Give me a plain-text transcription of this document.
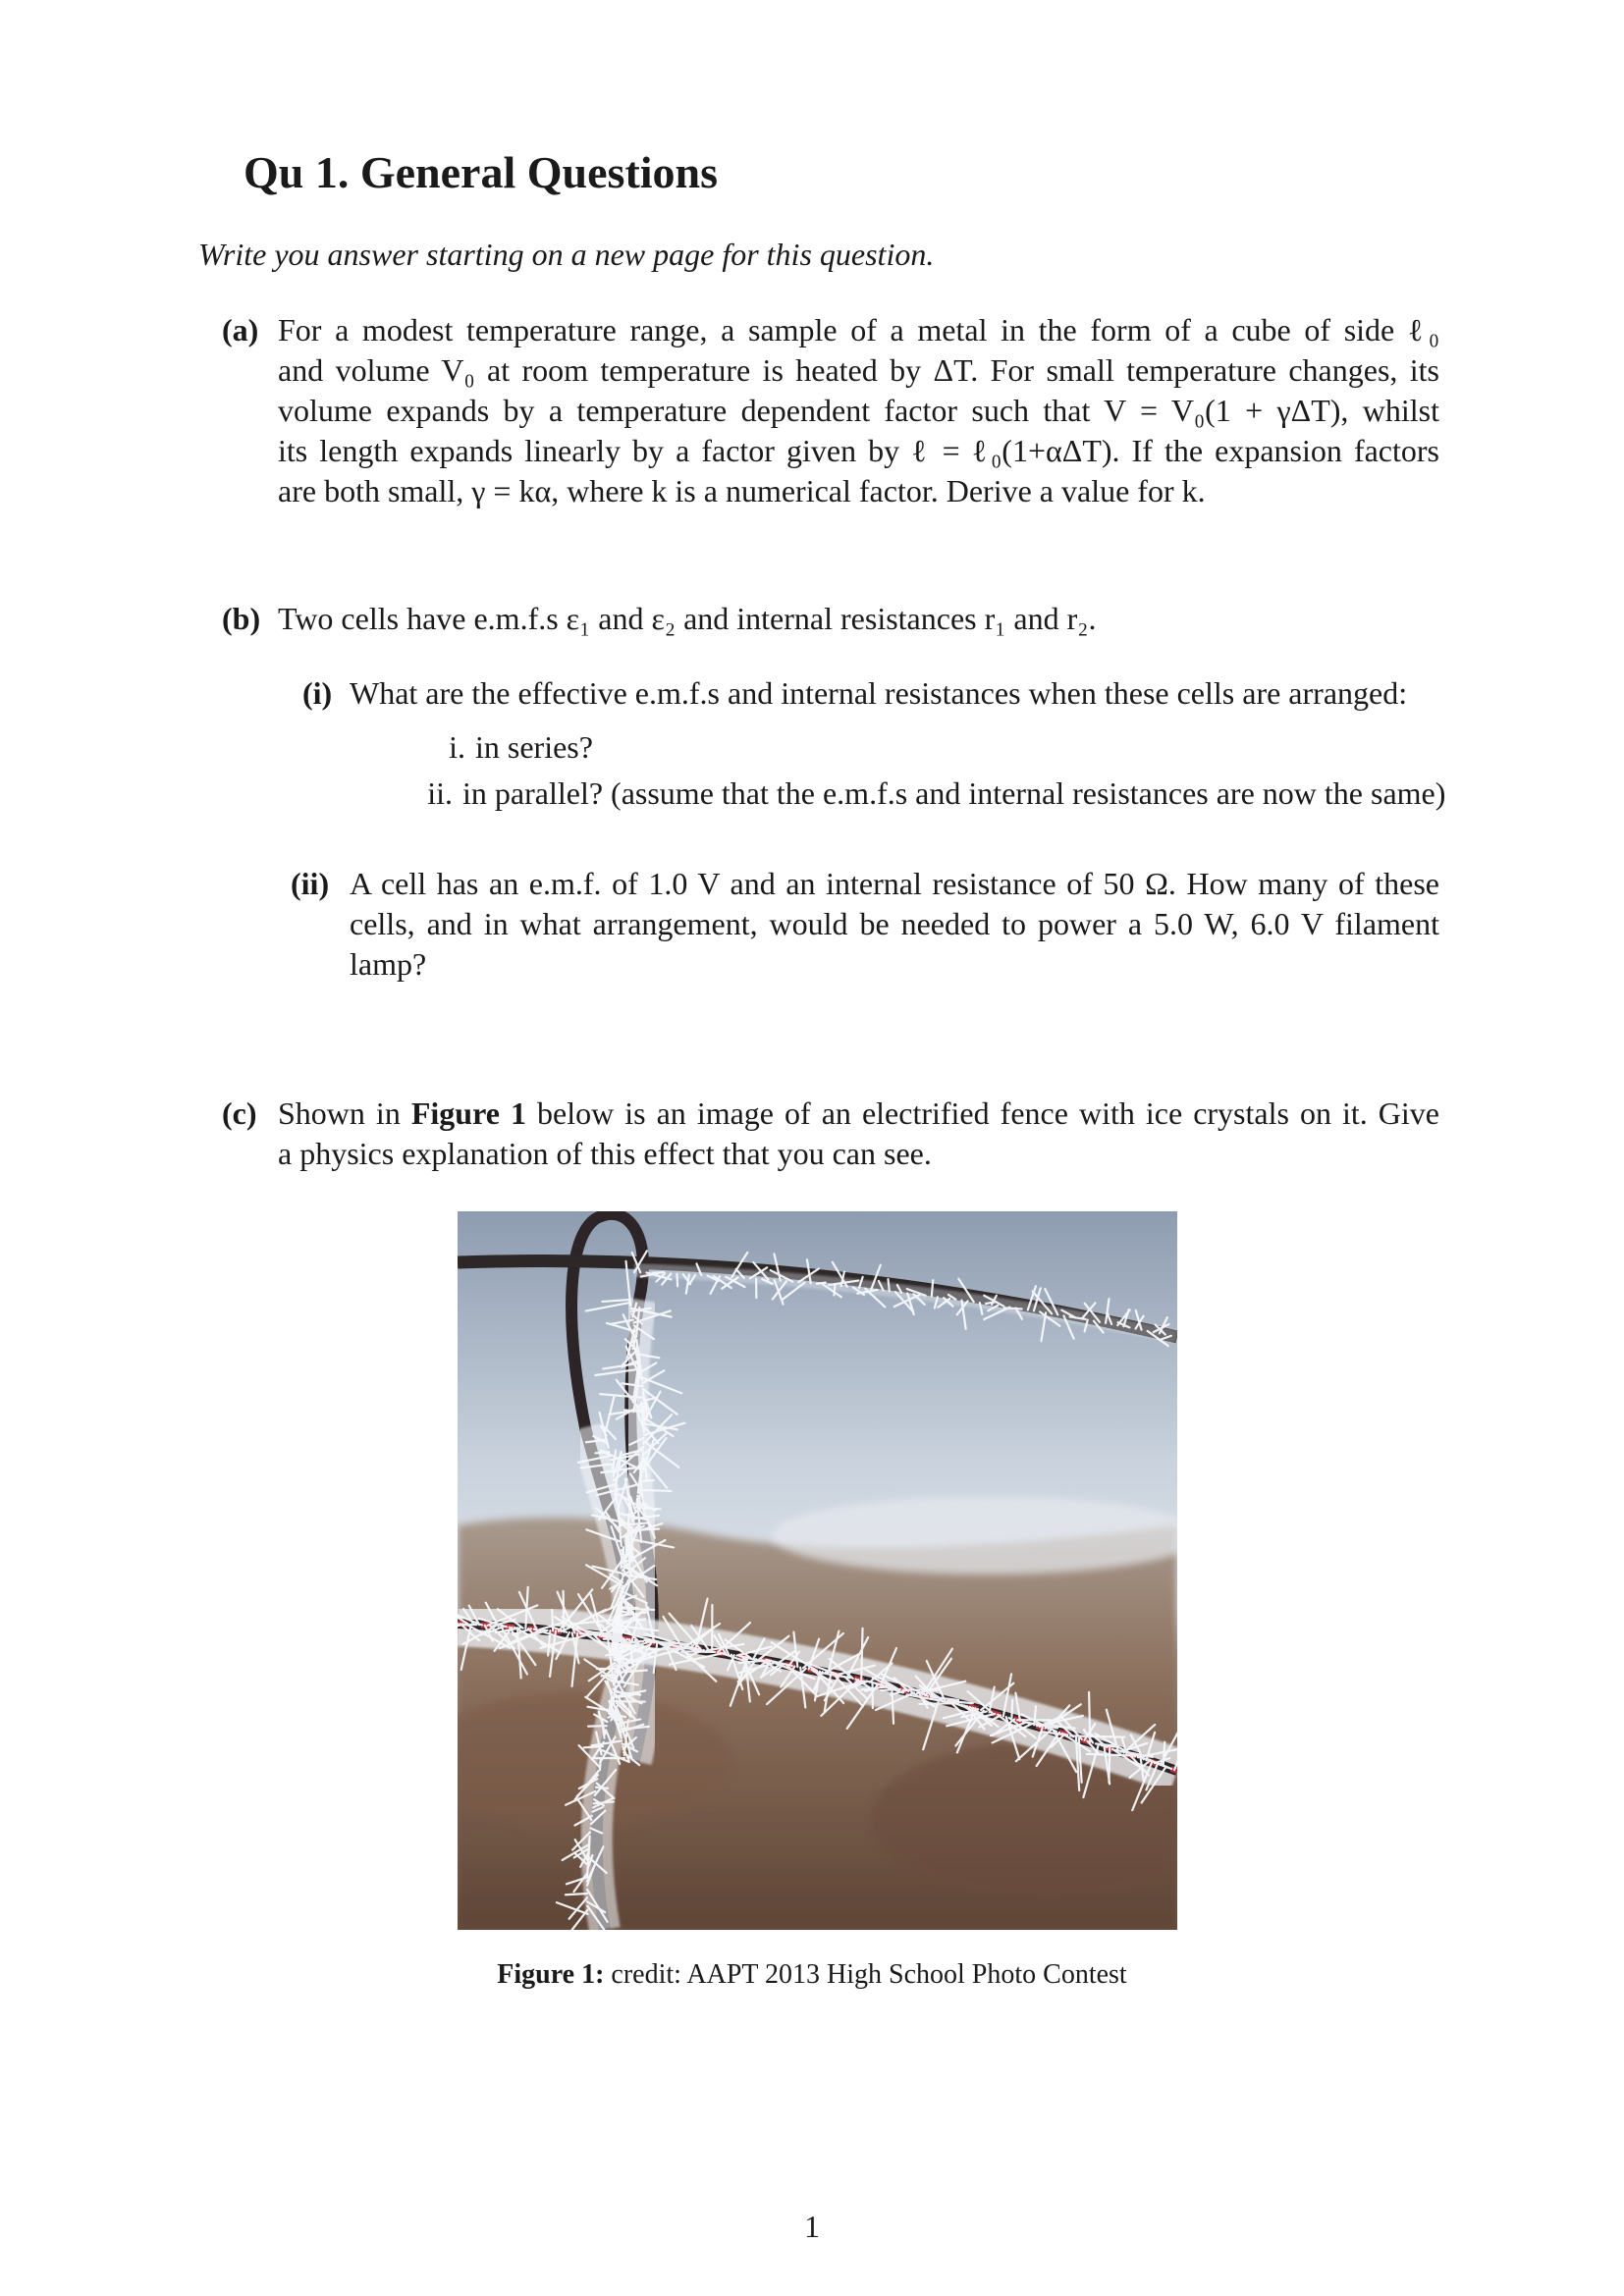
Qu 1. General Questions
Write you answer starting on a new page for this question.
(a) For a modest temperature range, a sample of a metal in the form of a cube of side ℓ₀
and volume V₀ at room temperature is heated by ΔT. For small temperature changes, its
volume expands by a temperature dependent factor such that V = V₀(1 + γΔT), whilst
its length expands linearly by a factor given by ℓ = ℓ₀(1+αΔT). If the expansion factors
are both small, γ = kα, where k is a numerical factor. Derive a value for k.
(b) Two cells have e.m.f.s ε₁ and ε₂ and internal resistances r₁ and r₂.
(i) What are the effective e.m.f.s and internal resistances when these cells are arranged:
i. in series?
ii. in parallel? (assume that the e.m.f.s and internal resistances are now the same)
(ii) A cell has an e.m.f. of 1.0 V and an internal resistance of 50 Ω. How many of these
cells, and in what arrangement, would be needed to power a 5.0 W, 6.0 V filament
lamp?
(c) Shown in Figure 1 below is an image of an electrified fence with ice crystals on it. Give
a physics explanation of this effect that you can see.
Figure 1: credit: AAPT 2013 High School Photo Contest
1
